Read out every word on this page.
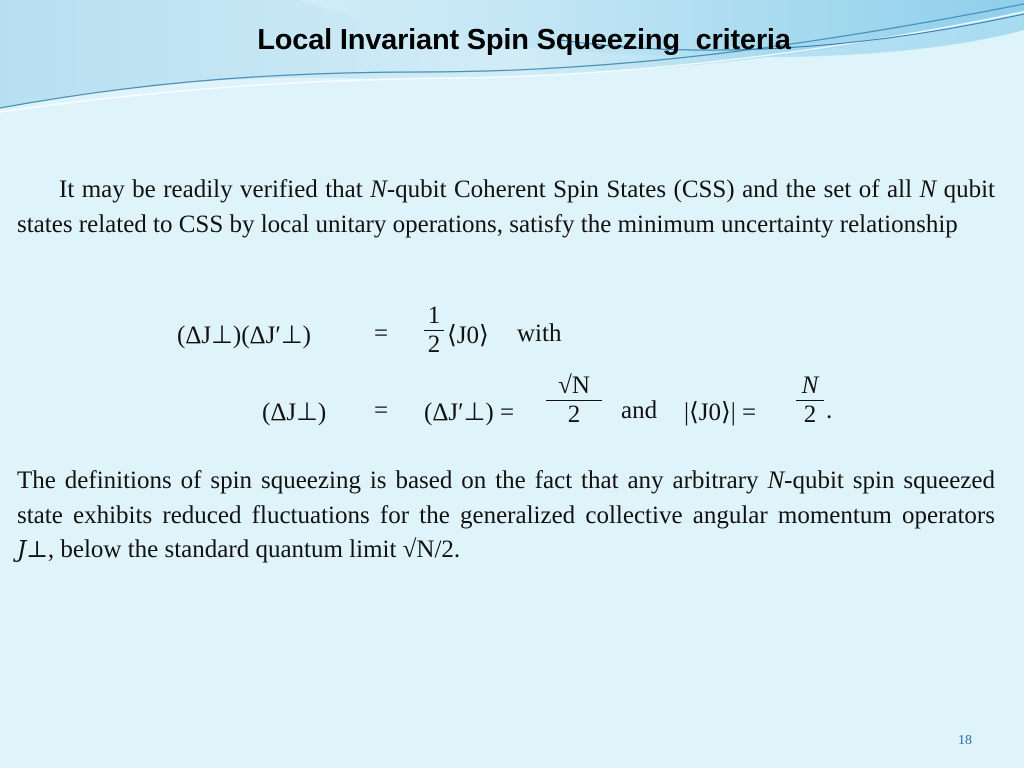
Local Invariant Spin Squeezing  criteria
It may be readily verified that N-qubit Coherent Spin States (CSS) and the set of all N qubit states related to CSS by local unitary operations, satisfy the minimum uncertainty relationship
(ΔJ⊥)(ΔJ′⊥)	= $\frac{1}{2}$ ⟨J0⟩ with
(ΔJ⊥) = (ΔJ′⊥) = $\frac{√N}{2}$ and |⟨J0⟩| = $\frac{N}{2}$ .
The definitions of spin squeezing is based on the fact that any arbitrary N-qubit spin squeezed state exhibits reduced fluctuations for the generalized collective angular momentum operators J⊥, below the standard quantum limit √N/2.
18
